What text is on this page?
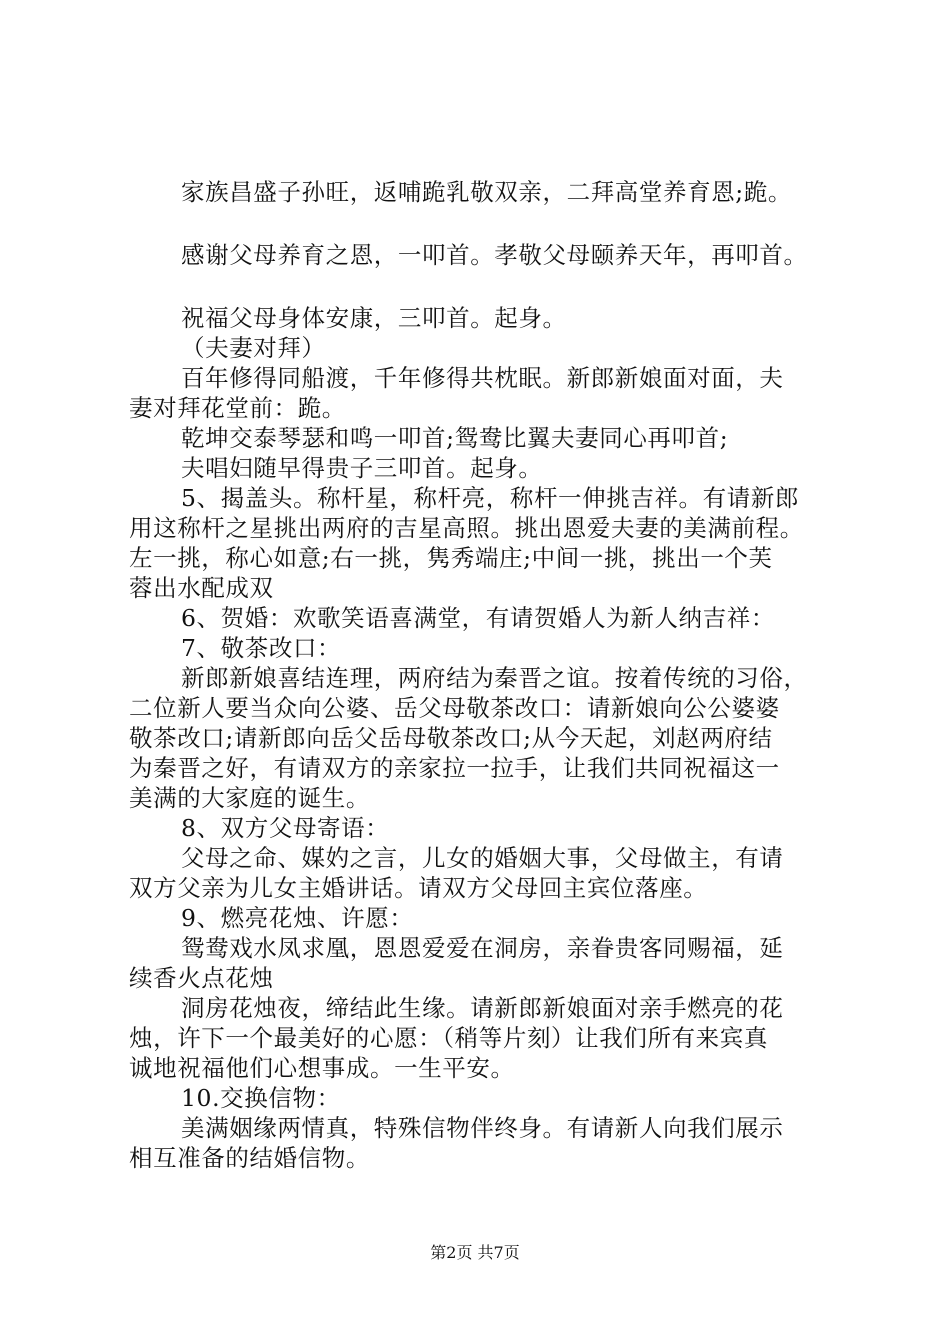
家族昌盛子孙旺，返哺跪乳敬双亲，二拜高堂养育恩;跪。
感谢父母养育之恩，一叩首。孝敬父母颐养天年，再叩首。
祝福父母身体安康，三叩首。起身。
（夫妻对拜）
百年修得同船渡，千年修得共枕眠。新郎新娘面对面，夫
妻对拜花堂前：跪。
乾坤交泰琴瑟和鸣一叩首;鸳鸯比翼夫妻同心再叩首;
夫唱妇随早得贵子三叩首。起身。
5、揭盖头。称杆星，称杆亮，称杆一伸挑吉祥。有请新郎
用这称杆之星挑出两府的吉星高照。挑出恩爱夫妻的美满前程。
左一挑，称心如意;右一挑，隽秀端庄;中间一挑，挑出一个芙
蓉出水配成双
6、贺婚：欢歌笑语喜满堂，有请贺婚人为新人纳吉祥：
7、敬茶改口：
新郎新娘喜结连理，两府结为秦晋之谊。按着传统的习俗，
二位新人要当众向公婆、岳父母敬茶改口：请新娘向公公婆婆
敬茶改口;请新郎向岳父岳母敬茶改口;从今天起，刘赵两府结
为秦晋之好，有请双方的亲家拉一拉手，让我们共同祝福这一
美满的大家庭的诞生。
8、双方父母寄语：
父母之命、媒妁之言，儿女的婚姻大事，父母做主，有请
双方父亲为儿女主婚讲话。请双方父母回主宾位落座。
9、燃亮花烛、许愿：
鸳鸯戏水凤求凰，恩恩爱爱在洞房，亲眷贵客同赐福，延
续香火点花烛
洞房花烛夜，缔结此生缘。请新郎新娘面对亲手燃亮的花
烛，许下一个最美好的心愿：（稍等片刻）让我们所有来宾真
诚地祝福他们心想事成。一生平安。
10.交换信物：
美满姻缘两情真，特殊信物伴终身。有请新人向我们展示
相互准备的结婚信物。
第2页 共7页
